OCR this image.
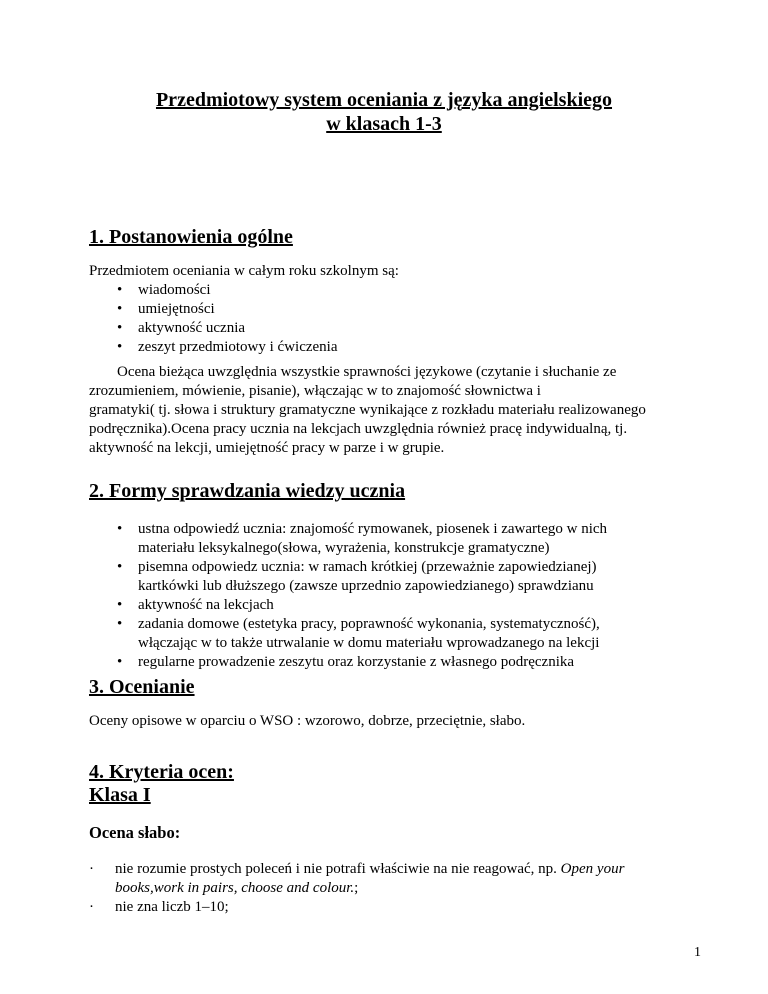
Przedmiotowy system oceniania z języka angielskiego
w klasach 1-3
1. Postanowienia ogólne
Przedmiotem oceniania w całym roku szkolnym są:
• wiadomości
• umiejętności
• aktywność ucznia
• zeszyt przedmiotowy i ćwiczenia
Ocena bieżąca uwzględnia wszystkie sprawności językowe (czytanie i słuchanie ze
zrozumieniem, mówienie, pisanie), włączając w to znajomość słownictwa i
gramatyki( tj. słowa i struktury gramatyczne wynikające z rozkładu materiału realizowanego
podręcznika).Ocena pracy ucznia na lekcjach uwzględnia również pracę indywidualną, tj.
aktywność na lekcji, umiejętność pracy w parze i w grupie.
2. Formy sprawdzania wiedzy ucznia
• ustna odpowiedź ucznia: znajomość rymowanek, piosenek i zawartego w nich
materiału leksykalnego(słowa, wyrażenia, konstrukcje gramatyczne)
• pisemna odpowiedz ucznia: w ramach krótkiej (przeważnie zapowiedzianej)
kartkówki lub dłuższego (zawsze uprzednio zapowiedzianego) sprawdzianu
• aktywność na lekcjach
• zadania domowe (estetyka pracy, poprawność wykonania, systematyczność),
włączając w to także utrwalanie w domu materiału wprowadzanego na lekcji
• regularne prowadzenie zeszytu oraz korzystanie z własnego podręcznika
3. Ocenianie
Oceny opisowe w oparciu o WSO : wzorowo, dobrze, przeciętnie, słabo.
4. Kryteria ocen:
Klasa I
Ocena słabo:
·	nie rozumie prostych poleceń i nie potrafi właściwie na nie reagować, np. Open your
books,work in pairs, choose and colour.;
·	nie zna liczb 1–10;
1
